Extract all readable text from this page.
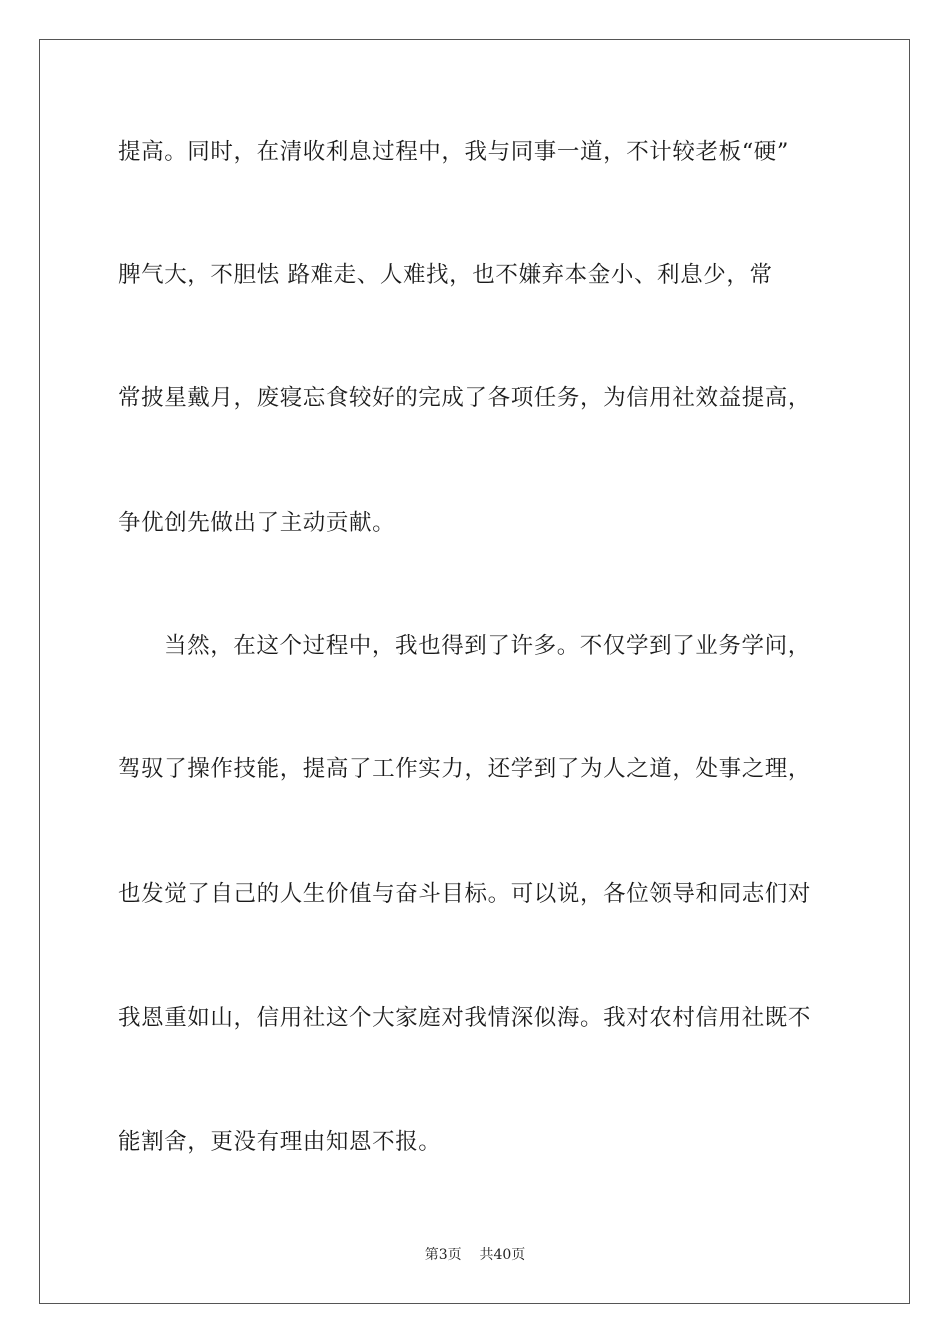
提高。同时，在清收利息过程中，我与同事一道，不计较老板“硬”
脾气大，不胆怯 路难走、人难找，也不嫌弃本金小、利息少，常
常披星戴月，废寝忘食较好的完成了各项任务，为信用社效益提高，
争优创先做出了主动贡献。
当然，在这个过程中，我也得到了许多。不仅学到了业务学问，
驾驭了操作技能，提高了工作实力，还学到了为人之道，处事之理，
也发觉了自己的人生价值与奋斗目标。可以说，各位领导和同志们对
我恩重如山，信用社这个大家庭对我情深似海。我对农村信用社既不
能割舍，更没有理由知恩不报。
第3页 共40页
